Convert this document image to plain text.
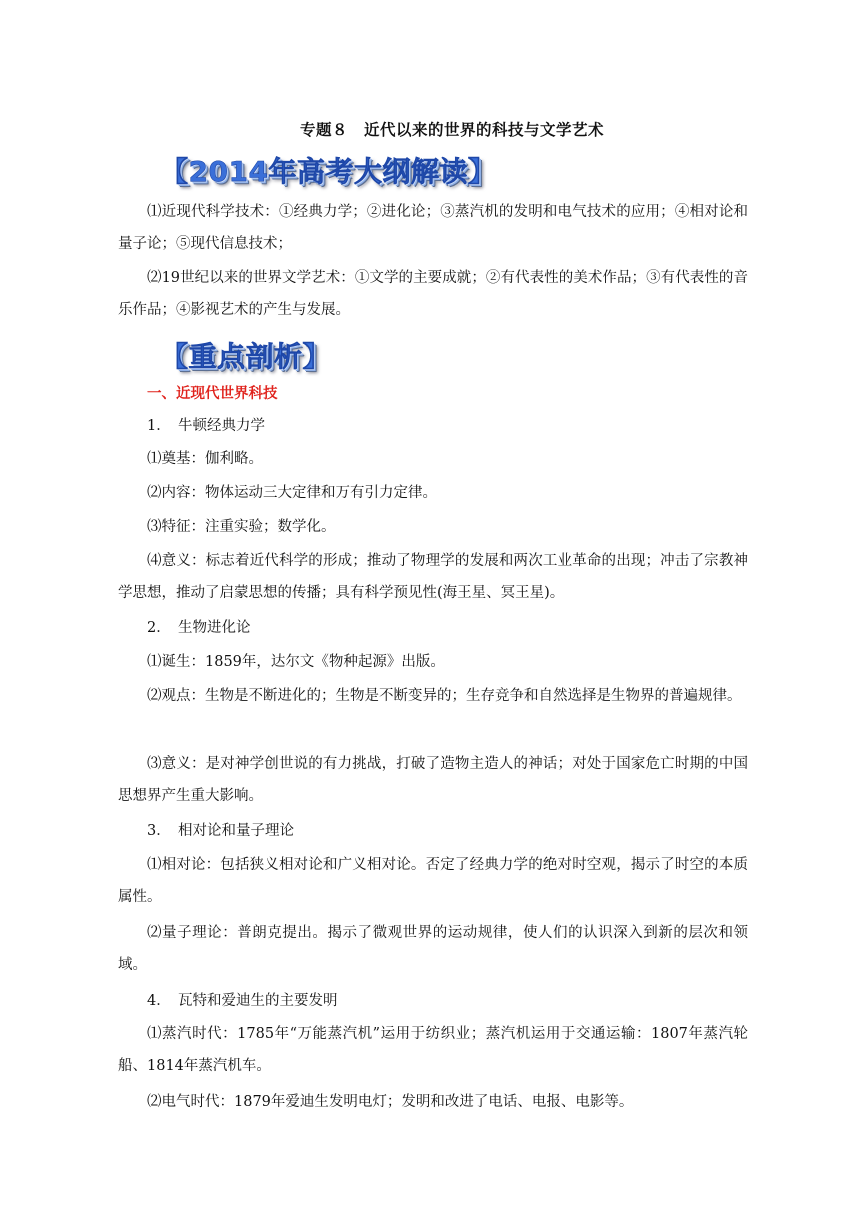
专题８　近代以来的世界的科技与文学艺术
【2014年高考大纲解读】
⑴近现代科学技术：①经典力学；②进化论；③蒸汽机的发明和电气技术的应用；④相对论和量子论；⑤现代信息技术；
⑵19世纪以来的世界文学艺术：①文学的主要成就；②有代表性的美术作品；③有代表性的音乐作品；④影视艺术的产生与发展。
【重点剖析】
一、近现代世界科技
1．　牛顿经典力学
⑴奠基：伽利略。
⑵内容：物体运动三大定律和万有引力定律。
⑶特征：注重实验；数学化。
⑷意义：标志着近代科学的形成；推动了物理学的发展和两次工业革命的出现；冲击了宗教神学思想，推动了启蒙思想的传播；具有科学预见性(海王星、冥王星)。
2．　生物进化论
⑴诞生：1859年，达尔文《物种起源》出版。
⑵观点：生物是不断进化的；生物是不断变异的；生存竞争和自然选择是生物界的普遍规律。
⑶意义：是对神学创世说的有力挑战，打破了造物主造人的神话；对处于国家危亡时期的中国思想界产生重大影响。
3．　相对论和量子理论
⑴相对论：包括狭义相对论和广义相对论。否定了经典力学的绝对时空观，揭示了时空的本质属性。
⑵量子理论：普朗克提出。揭示了微观世界的运动规律，使人们的认识深入到新的层次和领域。
4．　瓦特和爱迪生的主要发明
⑴蒸汽时代：1785年“万能蒸汽机”运用于纺织业；蒸汽机运用于交通运输：1807年蒸汽轮船、1814年蒸汽机车。
⑵电气时代：1879年爱迪生发明电灯；发明和改进了电话、电报、电影等。
